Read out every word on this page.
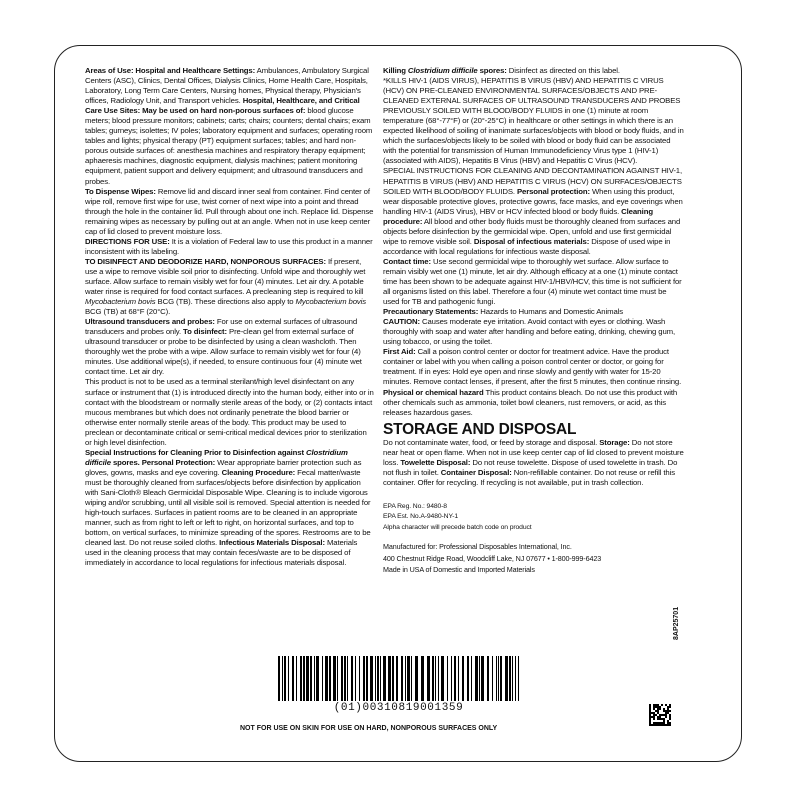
Areas of Use: Hospital and Healthcare Settings: Ambulances, Ambulatory Surgical Centers (ASC), Clinics, Dental Offices, Dialysis Clinics, Home Health Care, Hospitals, Laboratory, Long Term Care Centers, Nursing homes, Physical therapy, Physician's offices, Radiology Unit, and Transport vehicles. Hospital, Healthcare, and Critical Care Use Sites: May be used on hard non-porous surfaces of: blood glucose meters; blood pressure monitors; cabinets; carts; chairs; counters; dental chairs; exam tables; gurneys; isolettes; IV poles; laboratory equipment and surfaces; operating room tables and lights; physical therapy (PT) equipment surfaces; tables; and hard non-porous outside surfaces of: anesthesia machines and respiratory therapy equipment; aphaeresis machines, diagnostic equipment, dialysis machines; patient monitoring equipment, patient support and delivery equipment; and ultrasound transducers and probes.

To Dispense Wipes: Remove lid and discard inner seal from container. Find center of wipe roll, remove first wipe for use, twist corner of next wipe into a point and thread through the hole in the container lid. Pull through about one inch. Replace lid. Dispense remaining wipes as necessary by pulling out at an angle. When not in use keep center cap of lid closed to prevent moisture loss.

DIRECTIONS FOR USE: It is a violation of Federal law to use this product in a manner inconsistent with its labeling.

TO DISINFECT AND DEODORIZE HARD, NONPOROUS SURFACES: If present, use a wipe to remove visible soil prior to disinfecting. Unfold wipe and thoroughly wet surface. Allow surface to remain visibly wet for four (4) minutes. Let air dry. A potable water rinse is required for food contact surfaces. A precleaning step is required to kill Mycobacterium bovis BCG (TB). These directions also apply to Mycobacterium bovis BCG (TB) at 68°F (20°C).

Ultrasound transducers and probes: For use on external surfaces of ultrasound transducers and probes only. To disinfect: Pre-clean gel from external surface of ultrasound transducer or probe to be disinfected by using a clean washcloth. Then thoroughly wet the probe with a wipe. Allow surface to remain visibly wet for four (4) minutes. Use additional wipe(s), if needed, to ensure continuous four (4) minute wet contact time. Let air dry.

This product is not to be used as a terminal sterilant/high level disinfectant on any surface or instrument that (1) is introduced directly into the human body, either into or in contact with the bloodstream or normally sterile areas of the body, or (2) contacts intact mucous membranes but which does not ordinarily penetrate the blood barrier or otherwise enter normally sterile areas of the body. This product may be used to preclean or decontaminate critical or semi-critical medical devices prior to sterilization or high level disinfection.

Special Instructions for Cleaning Prior to Disinfection against Clostridium difficile spores. Personal Protection: Wear appropriate barrier protection such as gloves, gowns, masks and eye covering. Cleaning Procedure: Fecal matter/waste must be thoroughly cleaned from surfaces/objects before disinfection by application with Sani-Cloth® Bleach Germicidal Disposable Wipe. Cleaning is to include vigorous wiping and/or scrubbing, until all visible soil is removed. Special attention is needed for high-touch surfaces. Surfaces in patient rooms are to be cleaned in an appropriate manner, such as from right to left or left to right, on horizontal surfaces, and top to bottom, on vertical surfaces, to minimize spreading of the spores. Restrooms are to be cleaned last. Do not reuse soiled cloths. Infectious Materials Disposal: Materials used in the cleaning process that may contain feces/waste are to be disposed of immediately in accordance to local regulations for infectious materials disposal.

Killing Clostridium difficile spores: Disinfect as directed on this label.

*KILLS HIV-1 (AIDS VIRUS), HEPATITIS B VIRUS (HBV) AND HEPATITIS C VIRUS (HCV) ON PRE-CLEANED ENVIRONMENTAL SURFACES/OBJECTS AND PRE-CLEANED EXTERNAL SURFACES OF ULTRASOUND TRANSDUCERS AND PROBES PREVIOUSLY SOILED WITH BLOOD/BODY FLUIDS in one (1) minute at room temperature (68°-77°F) or (20°-25°C) in healthcare or other settings in which there is an expected likelihood of soiling of inanimate surfaces/objects with blood or body fluids, and in which the surfaces/objects likely to be soiled with blood or body fluid can be associated with the potential for transmission of Human Immunodeficiency Virus type 1 (HIV-1) (associated with AIDS), Hepatitis B Virus (HBV) and Hepatitis C Virus (HCV).

SPECIAL INSTRUCTIONS FOR CLEANING AND DECONTAMINATION AGAINST HIV-1, HEPATITIS B VIRUS (HBV) AND HEPATITIS C VIRUS (HCV) ON SURFACES/OBJECTS SOILED WITH BLOOD/BODY FLUIDS. Personal protection: When using this product, wear disposable protective gloves, protective gowns, face masks, and eye coverings when handling HIV-1 (AIDS Virus), HBV or HCV infected blood or body fluids. Cleaning procedure: All blood and other body fluids must be thoroughly cleaned from surfaces and objects before disinfection by the germicidal wipe. Open, unfold and use first germicidal wipe to remove visible soil. Disposal of infectious materials: Dispose of used wipe in accordance with local regulations for infectious waste disposal.

Contact time: Use second germicidal wipe to thoroughly wet surface. Allow surface to remain visibly wet one (1) minute, let air dry. Although efficacy at a one (1) minute contact time has been shown to be adequate against HIV-1/HBV/HCV, this time is not sufficient for all organisms listed on this label. Therefore a four (4) minute wet contact time must be used for TB and pathogenic fungi.

Precautionary Statements: Hazards to Humans and Domestic Animals

CAUTION: Causes moderate eye irritation. Avoid contact with eyes or clothing. Wash thoroughly with soap and water after handling and before eating, drinking, chewing gum, using tobacco, or using the toilet.

First Aid: Call a poison control center or doctor for treatment advice. Have the product container or label with you when calling a poison control center or doctor, or going for treatment. If in eyes: Hold eye open and rinse slowly and gently with water for 15-20 minutes. Remove contact lenses, if present, after the first 5 minutes, then continue rinsing.

Physical or chemical hazard This product contains bleach. Do not use this product with other chemicals such as ammonia, toilet bowl cleaners, rust removers, or acid, as this releases hazardous gases.

STORAGE AND DISPOSAL

Do not contaminate water, food, or feed by storage and disposal. Storage: Do not store near heat or open flame. When not in use keep center cap of lid closed to prevent moisture loss. Towelette Disposal: Do not reuse towelette. Dispose of used towelette in trash. Do not flush in toilet. Container Disposal: Non-refillable container. Do not reuse or refill this container. Offer for recycling. If recycling is not available, put in trash collection.

EPA Reg. No.: 9480-8
EPA Est. No.A-9480-NY-1
Alpha character will precede batch code on product
Manufactured for: Professional Disposables International, Inc.
400 Chestnut Ridge Road, Woodcliff Lake, NJ 07677 • 1-800-999-6423
Made in USA of Domestic and Imported Materials
8AP25701
(01)00310819001359
NOT FOR USE ON SKIN FOR USE ON HARD, NONPOROUS SURFACES ONLY
